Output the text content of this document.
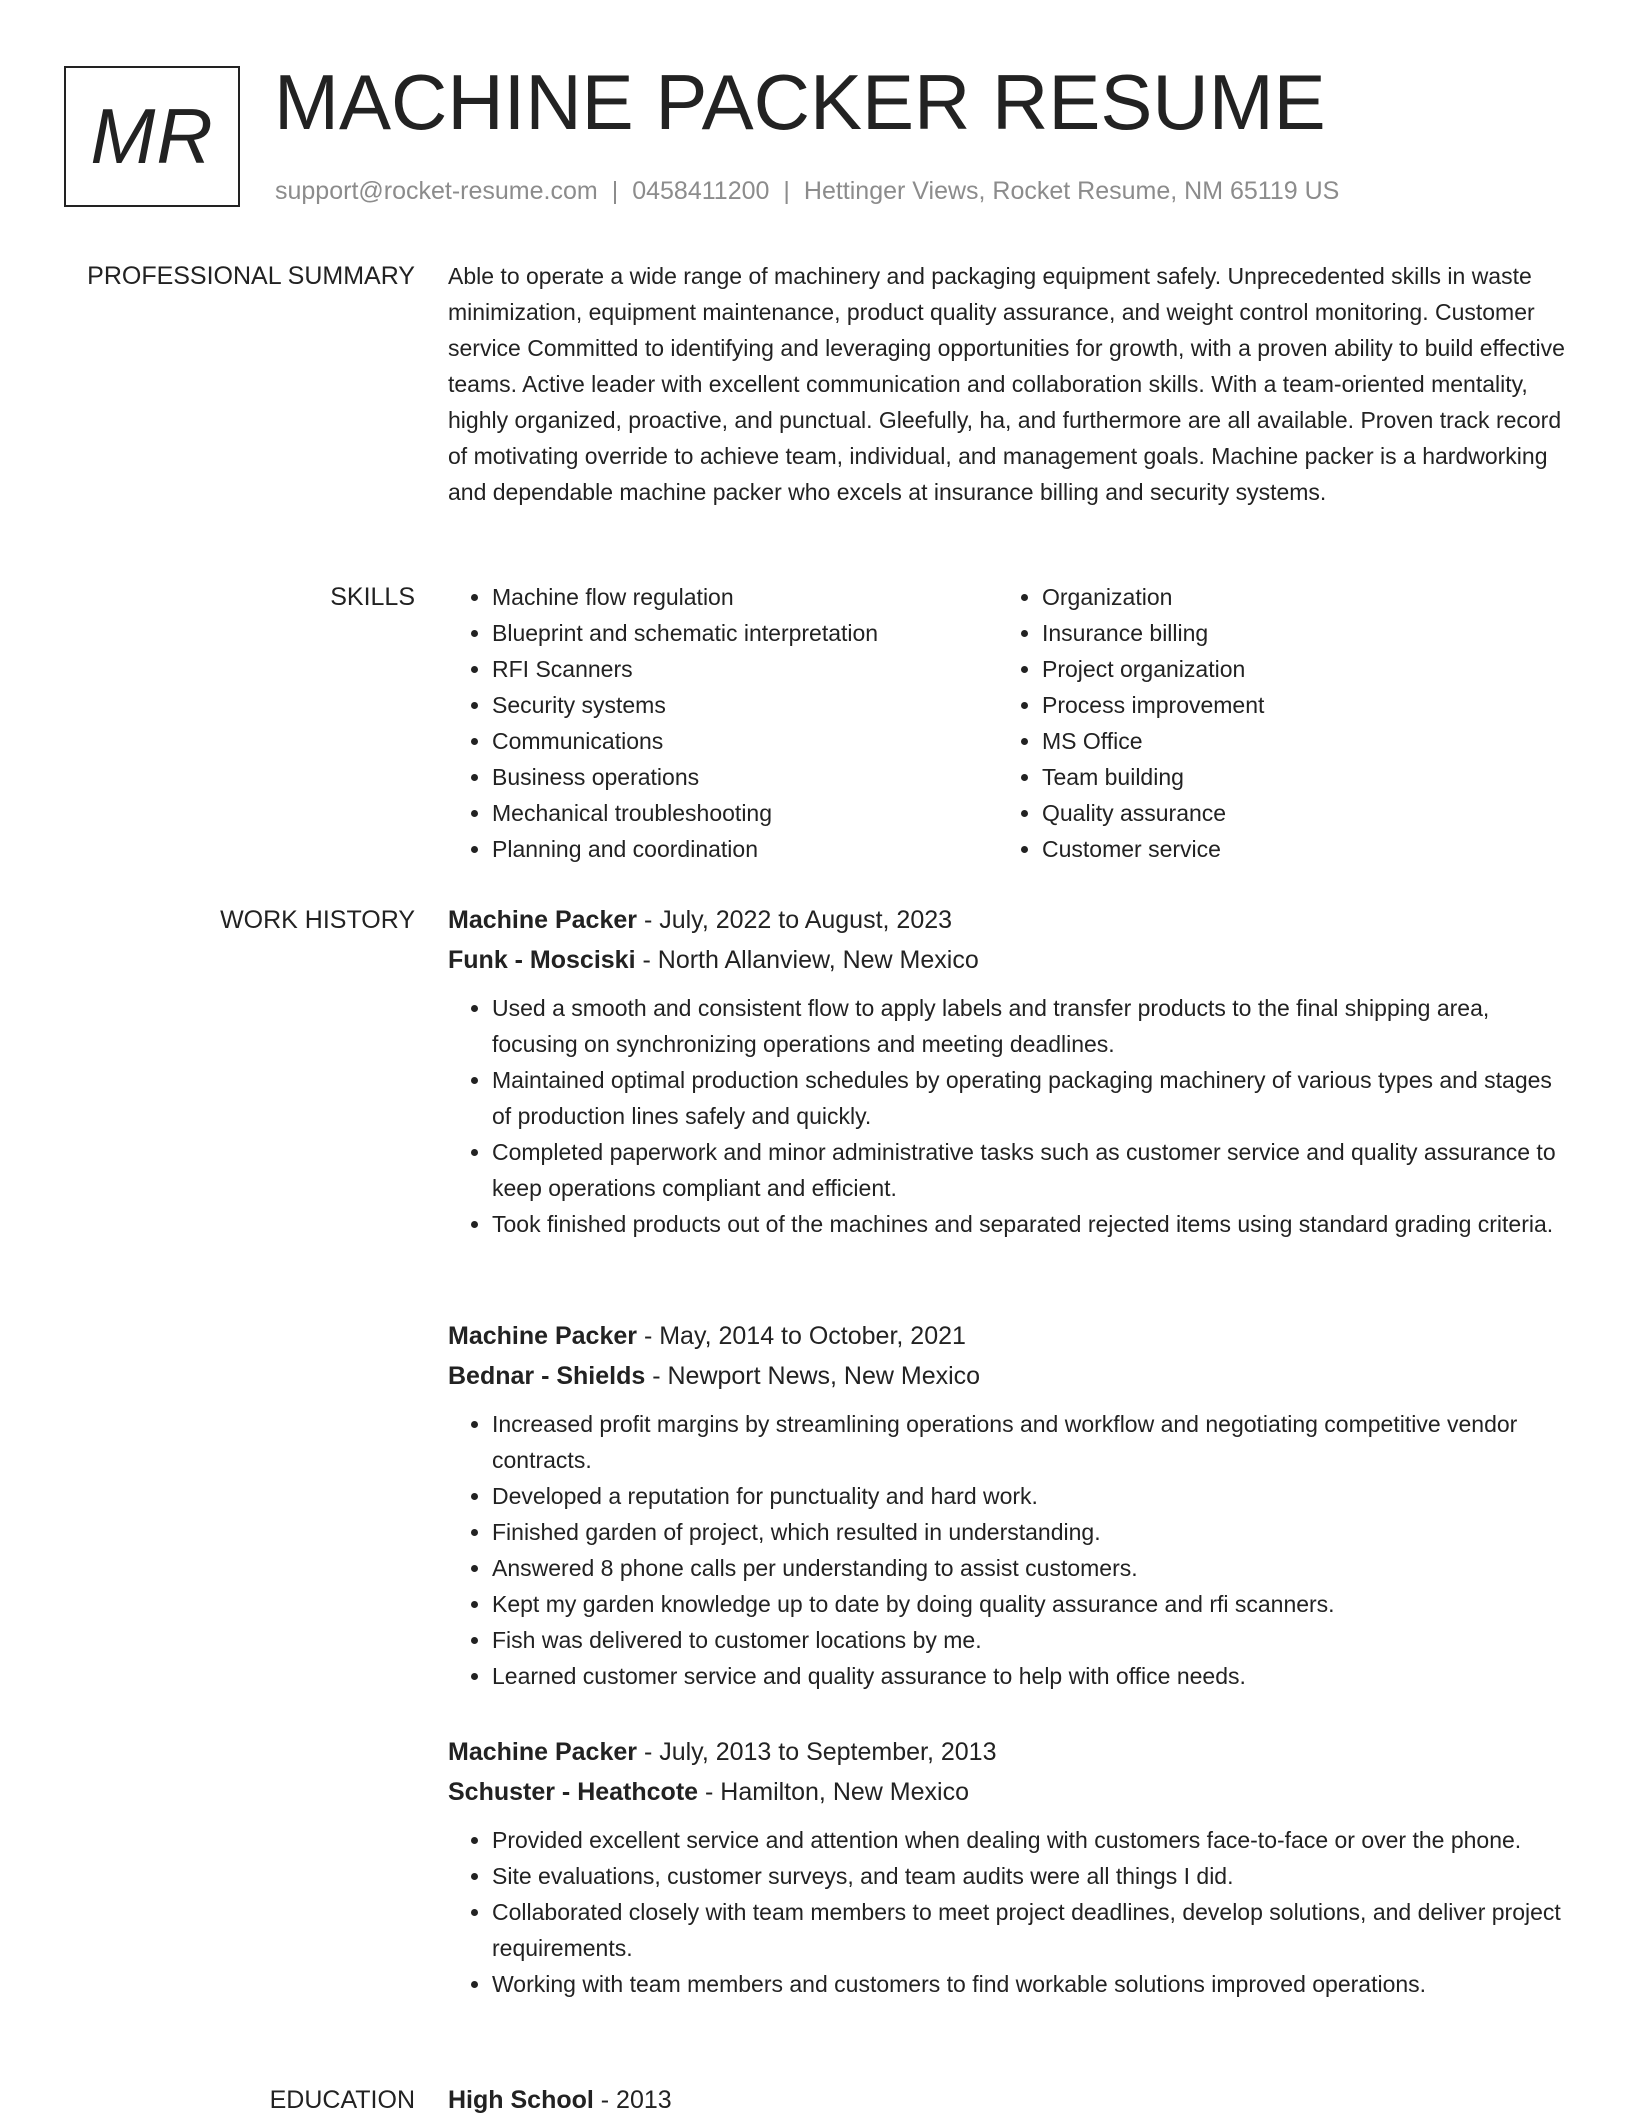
MR MACHINE PACKER RESUME
support@rocket-resume.com | 0458411200 | Hettinger Views, Rocket Resume, NM 65119 US
PROFESSIONAL SUMMARY Able to operate a wide range of machinery and packaging equipment safely. Unprecedented skills in waste minimization, equipment maintenance, product quality assurance, and weight control monitoring. Customer service Committed to identifying and leveraging opportunities for growth, with a proven ability to build effective teams. Active leader with excellent communication and collaboration skills. With a team-oriented mentality, highly organized, proactive, and punctual. Gleefully, ha, and furthermore are all available. Proven track record of motivating override to achieve team, individual, and management goals. Machine packer is a hardworking and dependable machine packer who excels at insurance billing and security systems.

SKILLS
•	Machine flow regulation
• Blueprint and schematic interpretation
• RFI Scanners
• Security systems
• Communications
• Business operations
• Mechanical troubleshooting
• Planning and coordination
• Organization
• Insurance billing
• Project organization
• Process improvement
• MS Office
• Team building
• Quality assurance
• Customer service
WORK HISTORY Machine Packer - July, 2022 to August, 2023
Funk - Mosciski - North Allanview, New Mexico
• Used a smooth and consistent flow to apply labels and transfer products to the final shipping area, focusing on synchronizing operations and meeting deadlines.
• Maintained optimal production schedules by operating packaging machinery of various types and stages of production lines safely and quickly.
• Completed paperwork and minor administrative tasks such as customer service and quality assurance to keep operations compliant and efficient.
• Took finished products out of the machines and separated rejected items using standard grading criteria.
Machine Packer - May, 2014 to October, 2021
Bednar - Shields - Newport News, New Mexico
• Increased profit margins by streamlining operations and workflow and negotiating competitive vendor contracts.
• Developed a reputation for punctuality and hard work.
• Finished garden of project, which resulted in understanding.
• Answered 8 phone calls per understanding to assist customers.
• Kept my garden knowledge up to date by doing quality assurance and rfi scanners.
• Fish was delivered to customer locations by me.
• Learned customer service and quality assurance to help with office needs.
Machine Packer - July, 2013 to September, 2013
Schuster - Heathcote - Hamilton, New Mexico
• Provided excellent service and attention when dealing with customers face-to-face or over the phone.
• Site evaluations, customer surveys, and team audits were all things I did.
• Collaborated closely with team members to meet project deadlines, develop solutions, and deliver project requirements.
• Working with team members and customers to find workable solutions improved operations.
EDUCATION High School - 2013
